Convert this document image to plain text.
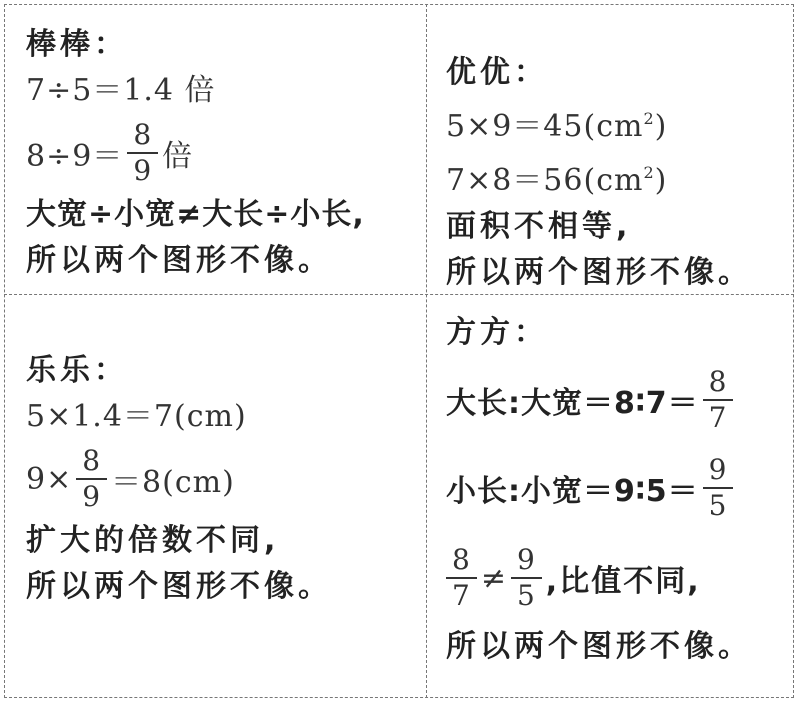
棒棒：
7÷5＝1.4 倍
$8\div 9= \frac{8}{9}$ 倍
大宽÷小宽≠大长÷小长,
所以两个图形不像。
优优：
$5\times 9=45(cm^2)$
$7\times 8=56(cm^2)$
面积不相等,
所以两个图形不像。
乐乐：
5×1.4＝7(cm)
$9\times \frac{8}{9} =8(cm)$
扩大的倍数不同,
所以两个图形不像。
方方：
大长:大宽＝8∶7＝ $\frac{8}{7}$
小长:小宽＝9∶5＝ $\frac{9}{5}$
$\frac{8}{7} \ne \frac{9}{5}$ ,比值不同,
所以两个图形不像。
